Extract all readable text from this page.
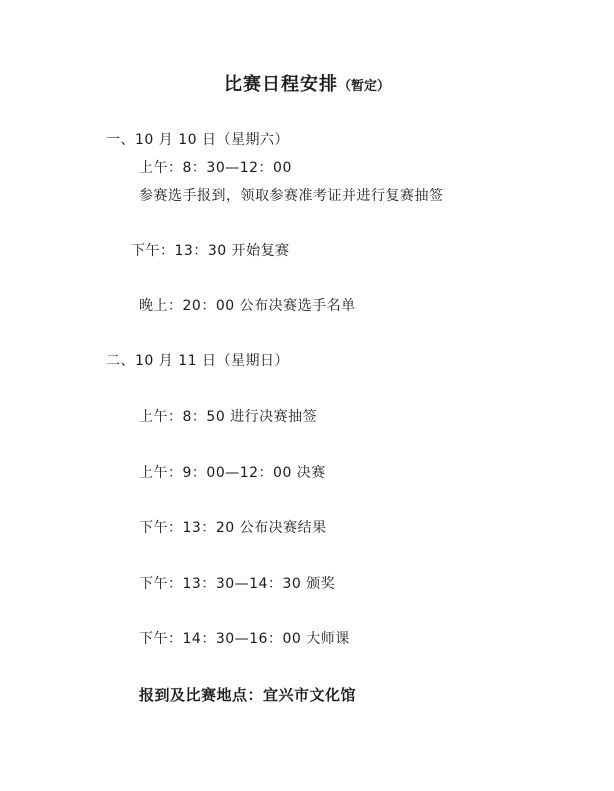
比赛日程安排（暂定）
一、10 月 10 日（星期六）
上午：8：30—12：00
参赛选手报到，领取参赛准考证并进行复赛抽签
下午：13：30 开始复赛
晚上：20：00 公布决赛选手名单
二、10 月 11 日（星期日）
上午：8：50 进行决赛抽签
上午：9：00—12：00 决赛
下午：13：20 公布决赛结果
下午：13：30—14：30 颁奖
下午：14：30—16：00 大师课
报到及比赛地点：宜兴市文化馆
